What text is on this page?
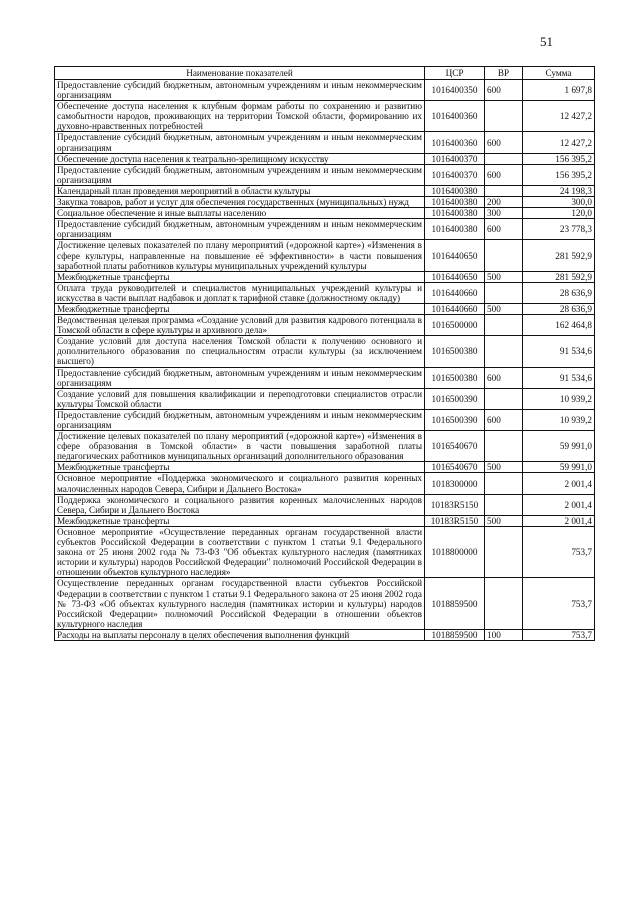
51
Наименование показателей	ЦСР	ВР	Сумма
Предоставление субсидий бюджетным, автономным учреждениям и иным некоммерческим организациям	1016400350	600	1 697,8
Обеспечение доступа населения к клубным формам работы по сохранению и развитию самобытности народов, проживающих на территории Томской области, формированию их духовно-нравственных потребностей	1016400360		12 427,2
Предоставление субсидий бюджетным, автономным учреждениям и иным некоммерческим организациям	1016400360	600	12 427,2
Обеспечение доступа населения к театрально-зрелищному искусству	1016400370		156 395,2
Предоставление субсидий бюджетным, автономным учреждениям и иным некоммерческим организациям	1016400370	600	156 395,2
Календарный план проведения мероприятий в области культуры	1016400380		24 198,3
Закупка товаров, работ и услуг для обеспечения государственных (муниципальных) нужд	1016400380	200	300,0
Социальное обеспечение и иные выплаты населению	1016400380	300	120,0
Предоставление субсидий бюджетным, автономным учреждениям и иным некоммерческим организациям	1016400380	600	23 778,3
Достижение целевых показателей по плану мероприятий («дорожной карте») «Изменения в сфере культуры, направленные на повышение её эффективности» в части повышения заработной платы работников культуры муниципальных учреждений культуры	1016440650		281 592,9
Межбюджетные трансферты	1016440650	500	281 592,9
Оплата труда руководителей и специалистов муниципальных учреждений культуры и искусства в части выплат надбавок и доплат к тарифной ставке (должностному окладу)	1016440660		28 636,9
Межбюджетные трансферты	1016440660	500	28 636,9
Ведомственная целевая программа «Создание условий для развития кадрового потенциала в Томской области в сфере культуры и архивного дела»	1016500000		162 464,8
Создание условий для доступа населения Томской области к получению основного и дополнительного образования по специальностям отрасли культуры (за исключением высшего)	1016500380		91 534,6
Предоставление субсидий бюджетным, автономным учреждениям и иным некоммерческим организациям	1016500380	600	91 534,6
Создание условий для повышения квалификации и переподготовки специалистов отрасли культуры Томской области	1016500390		10 939,2
Предоставление субсидий бюджетным, автономным учреждениям и иным некоммерческим организациям	1016500390	600	10 939,2
Достижение целевых показателей по плану мероприятий («дорожной карте») «Изменения в сфере образования в Томской области» в части повышения заработной платы педагогических работников муниципальных организаций дополнительного образования	1016540670		59 991,0
Межбюджетные трансферты	1016540670	500	59 991,0
Основное мероприятие «Поддержка экономического и социального развития коренных малочисленных народов Севера, Сибири и Дальнего Востока»	1018300000		2 001,4
Поддержка экономического и социального развития коренных малочисленных народов Севера, Сибири и Дальнего Востока	10183R5150		2 001,4
Межбюджетные трансферты	10183R5150	500	2 001,4
Основное мероприятие «Осуществление переданных органам государственной власти субъектов Российской Федерации в соответствии с пунктом 1 статьи 9.1 Федерального закона от 25 июня 2002 года № 73-ФЗ "Об объектах культурного наследия (памятниках истории и культуры) народов Российской Федерации" полномочий Российской Федерации в отношении объектов культурного наследия»	1018800000		753,7
Осуществление переданных органам государственной власти субъектов Российской Федерации в соответствии с пунктом 1 статьи 9.1 Федерального закона от 25 июня 2002 года № 73-ФЗ «Об объектах культурного наследия (памятниках истории и культуры) народов Российской Федерации» полномочий Российской Федерации в отношении объектов культурного наследия	1018859500		753,7
Расходы на выплаты персоналу в целях обеспечения выполнения функций	1018859500	100	753,7
